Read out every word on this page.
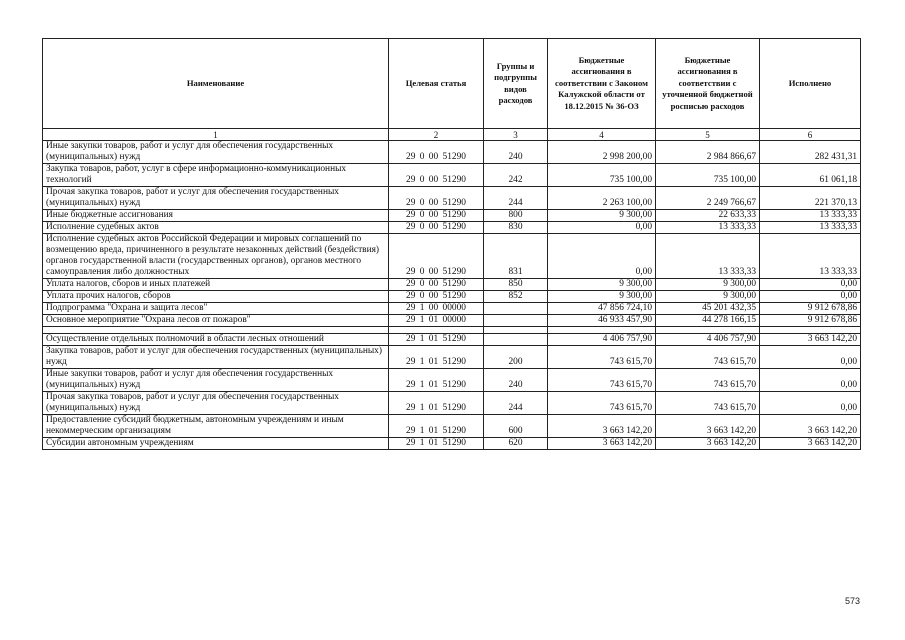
Наименование	Целевая статья	Группы и подгруппы видов расходов	Бюджетные ассигнования в соответствии с Законом Калужской области от 18.12.2015 № 36-ОЗ	Бюджетные ассигнования в соответствии с уточненной бюджетной росписью расходов	Исполнено
1	2	3	4	5	6
Иные закупки товаров, работ и услуг для обеспечения государственных (муниципальных) нужд	29 0 00 51290	240	2 998 200,00	2 984 866,67	282 431,31
Закупка товаров, работ, услуг в сфере информационно-коммуникационных технологий	29 0 00 51290	242	735 100,00	735 100,00	61 061,18
Прочая закупка товаров, работ и услуг для обеспечения государственных (муниципальных) нужд	29 0 00 51290	244	2 263 100,00	2 249 766,67	221 370,13
Иные бюджетные ассигнования	29 0 00 51290	800	9 300,00	22 633,33	13 333,33
Исполнение судебных актов	29 0 00 51290	830	0,00	13 333,33	13 333,33
Исполнение судебных актов Российской Федерации и мировых соглашений по возмещению вреда, причиненного в результате незаконных действий (бездействия) органов государственной власти (государственных органов), органов местного самоуправления либо должностных	29 0 00 51290	831	0,00	13 333,33	13 333,33
Уплата налогов, сборов и иных платежей	29 0 00 51290	850	9 300,00	9 300,00	0,00
Уплата прочих налогов, сборов	29 0 00 51290	852	9 300,00	9 300,00	0,00
Подпрограмма "Охрана и защита лесов"	29 1 00 00000		47 856 724,10	45 201 432,35	9 912 678,86
Основное мероприятие "Охрана лесов от пожаров"	29 1 01 00000		46 933 457,90	44 278 166,15	9 912 678,86

Осуществление отдельных полномочий в области лесных отношений	29 1 01 51290		4 406 757,90	4 406 757,90	3 663 142,20
Закупка товаров, работ и услуг для обеспечения государственных (муниципальных) нужд	29 1 01 51290	200	743 615,70	743 615,70	0,00
Иные закупки товаров, работ и услуг для обеспечения государственных (муниципальных) нужд	29 1 01 51290	240	743 615,70	743 615,70	0,00
Прочая закупка товаров, работ и услуг для обеспечения государственных (муниципальных) нужд	29 1 01 51290	244	743 615,70	743 615,70	0,00
Предоставление субсидий бюджетным, автономным учреждениям и иным некоммерческим организациям	29 1 01 51290	600	3 663 142,20	3 663 142,20	3 663 142,20
Субсидии автономным учреждениям	29 1 01 51290	620	3 663 142,20	3 663 142,20	3 663 142,20
573
